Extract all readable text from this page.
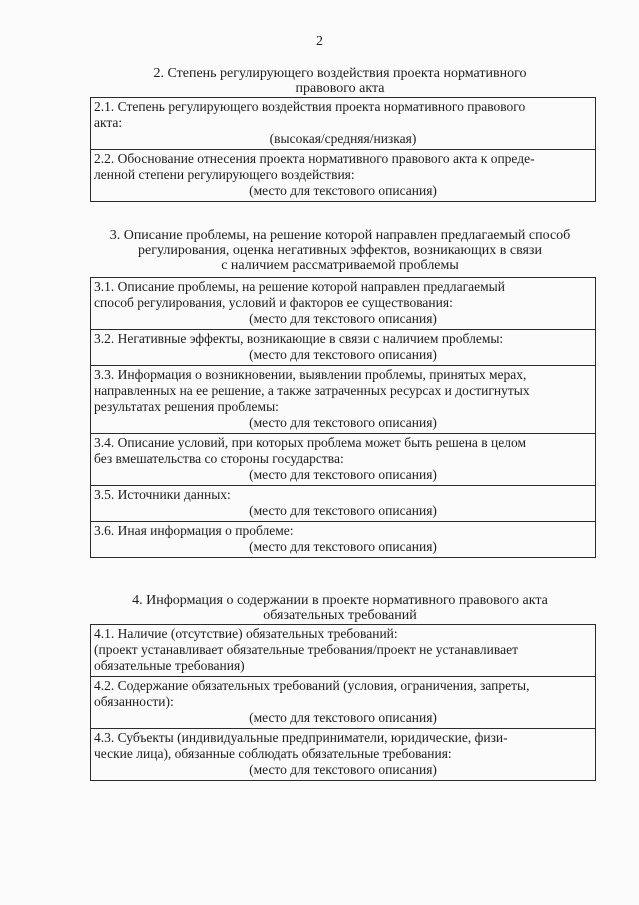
2
2. Степень регулирующего воздействия проекта нормативного
правового акта
2.1. Степень регулирующего воздействия проекта нормативного правового
акта:
(высокая/средняя/низкая)
2.2. Обоснование отнесения проекта нормативного правового акта к опреде-
ленной степени регулирующего воздействия:
(место для текстового описания)
3. Описание проблемы, на решение которой направлен предлагаемый способ
регулирования, оценка негативных эффектов, возникающих в связи
с наличием рассматриваемой проблемы
3.1. Описание проблемы, на решение которой направлен предлагаемый
способ регулирования, условий и факторов ее существования:
(место для текстового описания)
3.2. Негативные эффекты, возникающие в связи с наличием проблемы:
(место для текстового описания)
3.3. Информация о возникновении, выявлении проблемы, принятых мерах,
направленных на ее решение, а также затраченных ресурсах и достигнутых
результатах решения проблемы:
(место для текстового описания)
3.4. Описание условий, при которых проблема может быть решена в целом
без вмешательства со стороны государства:
(место для текстового описания)
3.5. Источники данных:
(место для текстового описания)
3.6. Иная информация о проблеме:
(место для текстового описания)
4. Информация о содержании в проекте нормативного правового акта
обязательных требований
4.1. Наличие (отсутствие) обязательных требований:
(проект устанавливает обязательные требования/проект не устанавливает
обязательные требования)
4.2. Содержание обязательных требований (условия, ограничения, запреты,
обязанности):
(место для текстового описания)
4.3. Субъекты (индивидуальные предприниматели, юридические, физи-
ческие лица), обязанные соблюдать обязательные требования:
(место для текстового описания)
